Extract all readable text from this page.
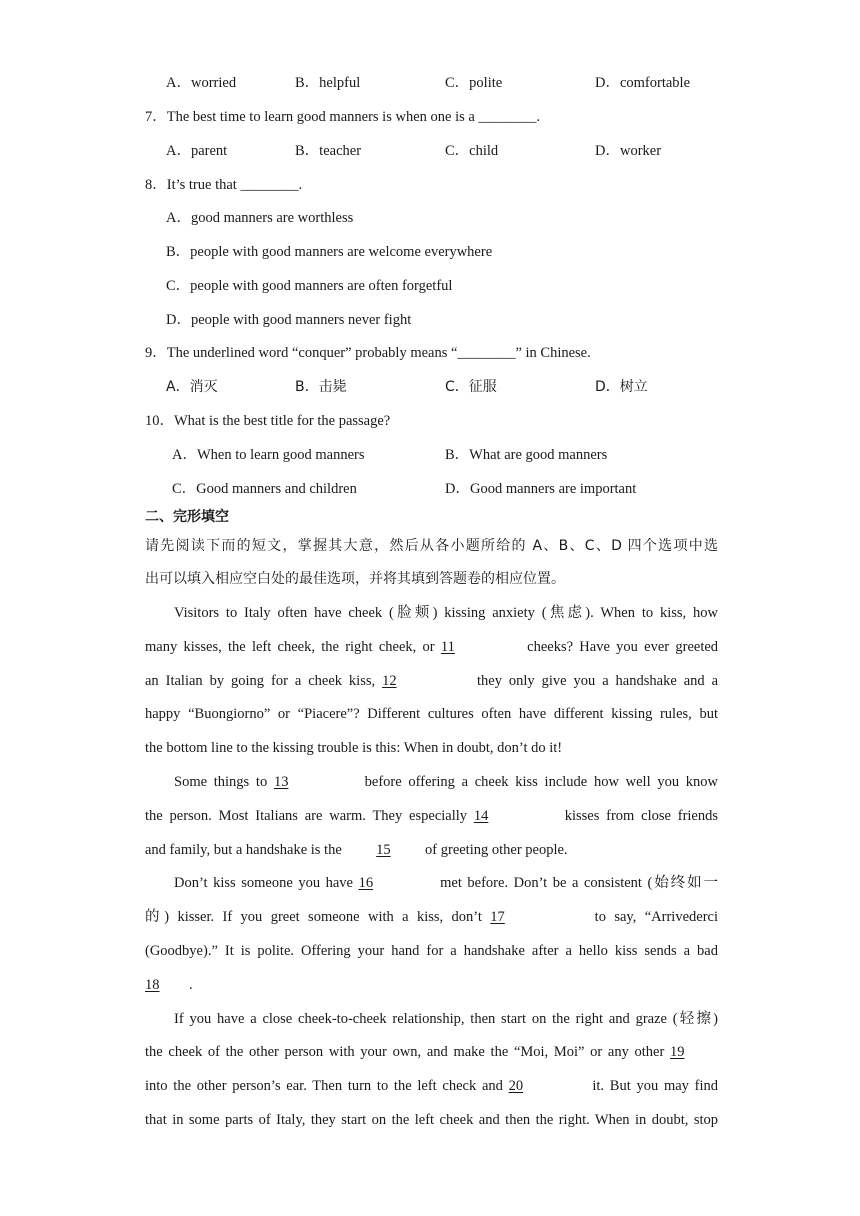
A．worried	B．helpful	C．polite	D．comfortable
7．The best time to learn good manners is when one is a ________.
A．parent	B．teacher	C．child	D．worker
8．It’s true that ________.
A．good manners are worthless
B．people with good manners are welcome everywhere
C．people with good manners are often forgetful
D．people with good manners never fight
9．The underlined word “conquer” probably means “________” in Chinese.
A．消灭	B．击毙	C．征服	D．树立
10．What is the best title for the passage?
A．When to learn good manners	B．What are good manners
C．Good manners and children	D．Good manners are important
二、完形填空
请先阅读下而的短文，掌握其大意，然后从各小题所给的 A、B、C、D 四个选项中选
出可以填入相应空白处的最佳选项，并将其填到答题卷的相应位置。
Visitors to Italy often have cheek (脸颊) kissing anxiety (焦虑). When to kiss, how
many kisses, the left cheek, the right cheek, or 11	cheeks? Have you ever greeted
an Italian by going for a cheek kiss, 12	they only give you a handshake and a
happy “Buongiorno” or “Piacere”? Different cultures often have different kissing rules, but
the bottom line to the kissing trouble is this: When in doubt, don’t do it!
Some things to 13	before offering a cheek kiss include how well you know
the person. Most Italians are warm. They especially 14	kisses from close friends
and family, but a handshake is the 15 of greeting other people.
Don’t kiss someone you have 16	met before. Don’t be a consistent (始终如一
的) kisser. If you greet someone with a kiss, don’t 17	to say, “Arrivederci
(Goodbye).” It is polite. Offering your hand for a handshake after a hello kiss sends a bad
18 .
If you have a close cheek-to-cheek relationship, then start on the right and graze (轻擦)
the cheek of the other person with your own, and make the “Moi, Moi” or any other 19
into the other person’s ear. Then turn to the left check and 20	it. But you may find
that in some parts of Italy, they start on the left cheek and then the right. When in doubt, stop
